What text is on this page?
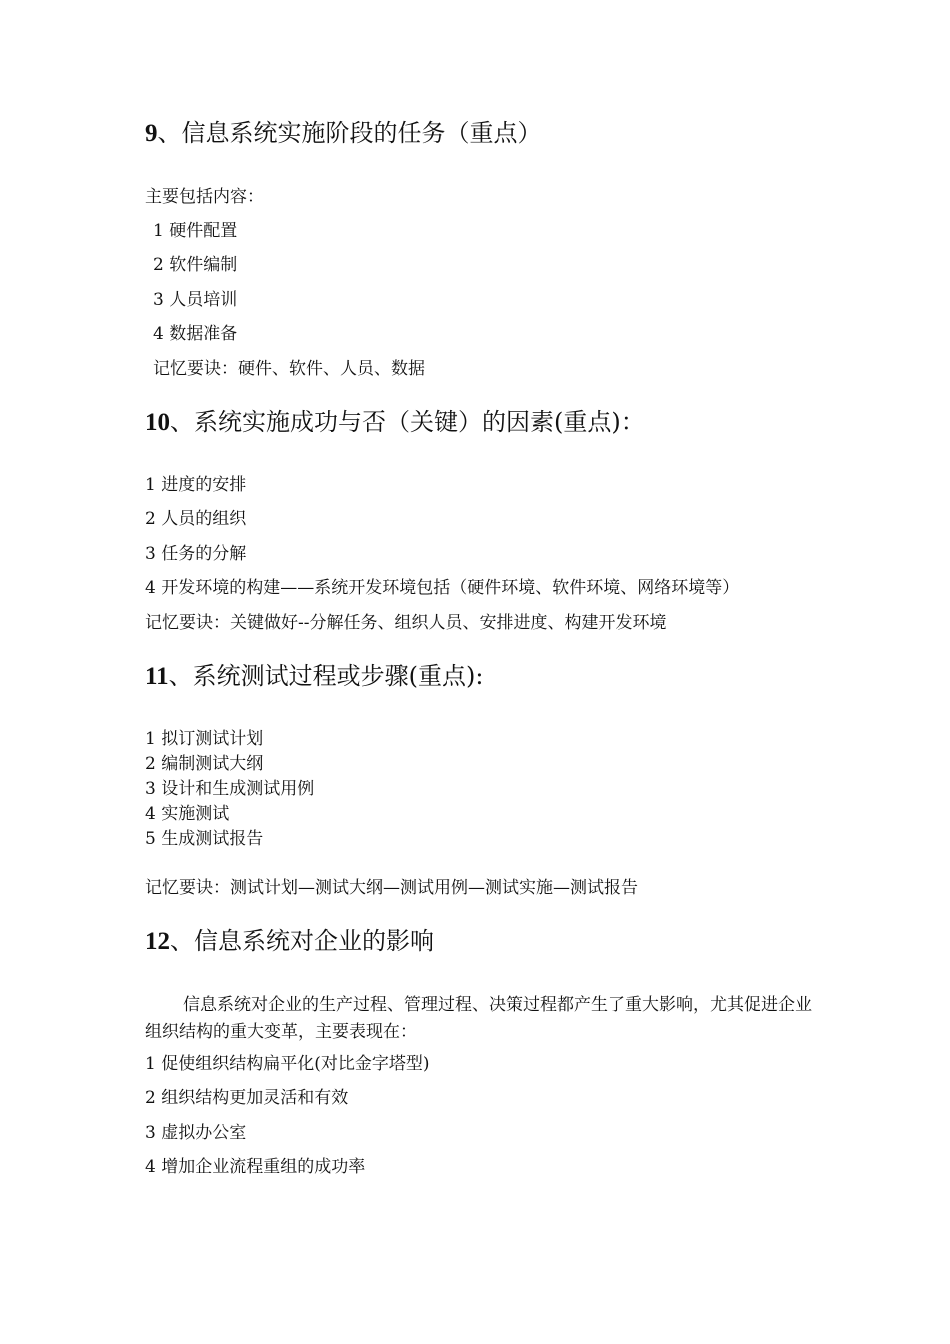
9、信息系统实施阶段的任务（重点）

主要包括内容：

1 硬件配置

2 软件编制

3 人员培训

4 数据准备

记忆要诀：硬件、软件、人员、数据

10、系统实施成功与否（关键）的因素(重点)：

1 进度的安排

2 人员的组织

3 任务的分解

4 开发环境的构建——系统开发环境包括（硬件环境、软件环境、网络环境等）

记忆要诀：关键做好--分解任务、组织人员、安排进度、构建开发环境

11、系统测试过程或步骤(重点):

1 拟订测试计划

2 编制测试大纲

3 设计和生成测试用例

4 实施测试

5 生成测试报告

记忆要诀：测试计划—测试大纲—测试用例—测试实施—测试报告

12、信息系统对企业的影响

信息系统对企业的生产过程、管理过程、决策过程都产生了重大影响，尤其促进企业组织结构的重大变革，主要表现在：

1 促使组织结构扁平化(对比金字塔型)

2 组织结构更加灵活和有效

3 虚拟办公室

4 增加企业流程重组的成功率
